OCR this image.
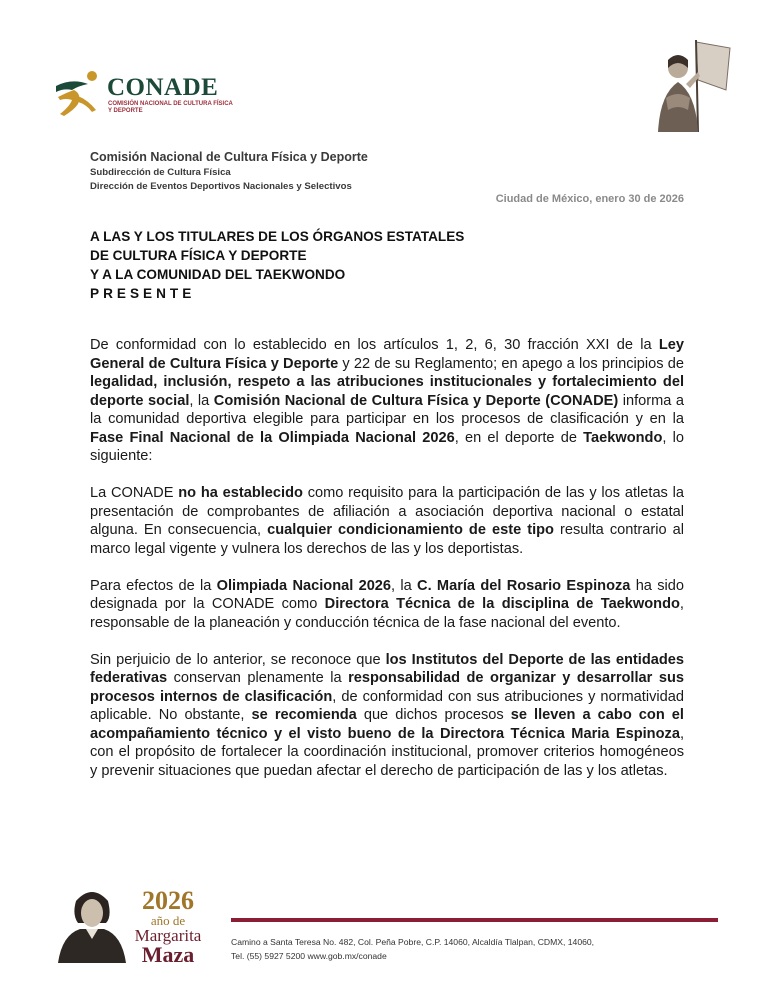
CONADE
COMISIÓN NACIONAL DE CULTURA FÍSICA Y DEPORTE
Comisión Nacional de Cultura Física y Deporte
Subdirección de Cultura Física
Dirección de Eventos Deportivos Nacionales y Selectivos
Ciudad de México, enero 30 de 2026
A LAS Y LOS TITULARES DE LOS ÓRGANOS ESTATALES
DE CULTURA FÍSICA Y DEPORTE
Y A LA COMUNIDAD DEL TAEKWONDO
PRESENTE

De conformidad con lo establecido en los artículos 1, 2, 6, 30 fracción XXI de la Ley General de Cultura Física y Deporte y 22 de su Reglamento; en apego a los principios de legalidad, inclusión, respeto a las atribuciones institucionales y fortalecimiento del deporte social, la Comisión Nacional de Cultura Física y Deporte (CONADE) informa a la comunidad deportiva elegible para participar en los procesos de clasificación y en la Fase Final Nacional de la Olimpiada Nacional 2026, en el deporte de Taekwondo, lo siguiente:

La CONADE no ha establecido como requisito para la participación de las y los atletas la presentación de comprobantes de afiliación a asociación deportiva nacional o estatal alguna. En consecuencia, cualquier condicionamiento de este tipo resulta contrario al marco legal vigente y vulnera los derechos de las y los deportistas.

Para efectos de la Olimpiada Nacional 2026, la C. María del Rosario Espinoza ha sido designada por la CONADE como Directora Técnica de la disciplina de Taekwondo, responsable de la planeación y conducción técnica de la fase nacional del evento.

Sin perjuicio de lo anterior, se reconoce que los Institutos del Deporte de las entidades federativas conservan plenamente la responsabilidad de organizar y desarrollar sus procesos internos de clasificación, de conformidad con sus atribuciones y normatividad aplicable. No obstante, se recomienda que dichos procesos se lleven a cabo con el acompañamiento técnico y el visto bueno de la Directora Técnica Maria Espinoza, con el propósito de fortalecer la coordinación institucional, promover criterios homogéneos y prevenir situaciones que puedan afectar el derecho de participación de las y los atletas.

2026
año de
Margarita
Maza	Camino a Santa Teresa No. 482, Col. Peña Pobre, C.P. 14060, Alcaldía Tlalpan, CDMX, 14060,
Tel. (55) 5927 5200 www.gob.mx/conade
